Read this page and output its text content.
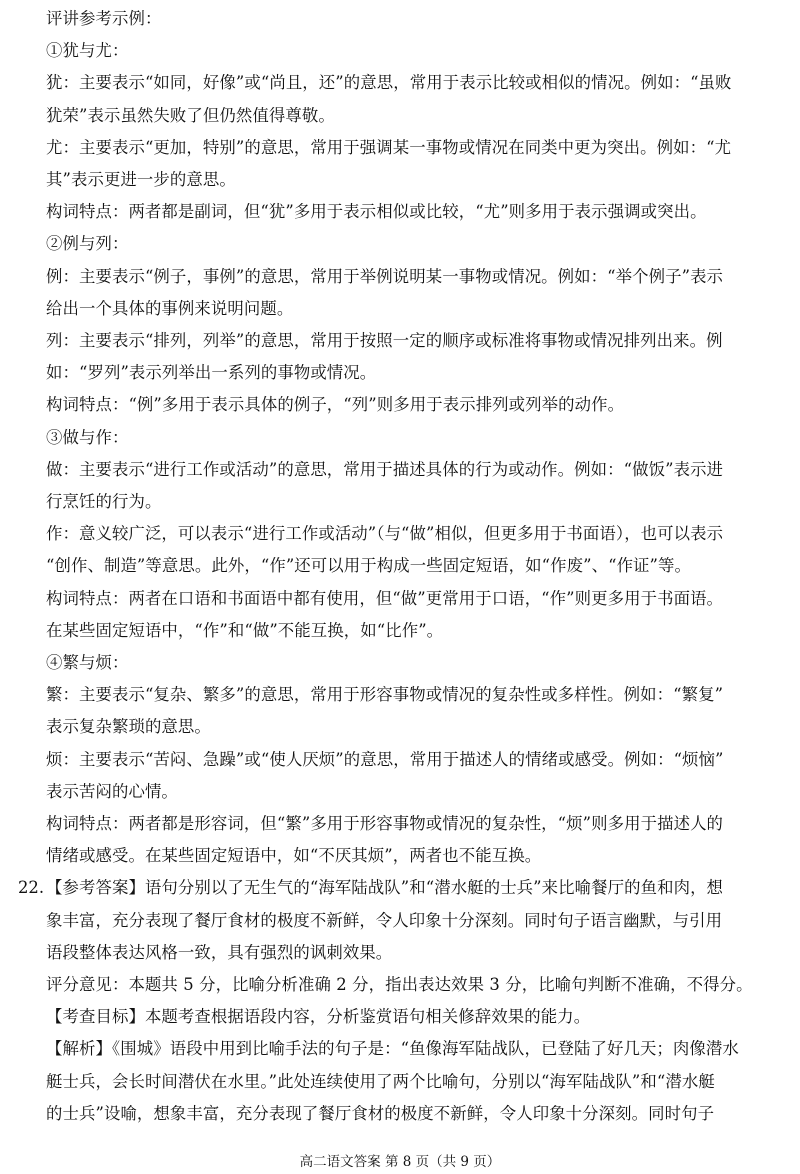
评讲参考示例：
①犹与尤：
犹：主要表示“如同，好像”或“尚且，还”的意思，常用于表示比较或相似的情况。例如：“虽败
犹荣”表示虽然失败了但仍然值得尊敬。
尤：主要表示“更加，特别”的意思，常用于强调某一事物或情况在同类中更为突出。例如：“尤
其”表示更进一步的意思。
构词特点：两者都是副词，但“犹”多用于表示相似或比较，“尤”则多用于表示强调或突出。
②例与列：
例：主要表示“例子，事例”的意思，常用于举例说明某一事物或情况。例如：“举个例子”表示
给出一个具体的事例来说明问题。
列：主要表示“排列，列举”的意思，常用于按照一定的顺序或标准将事物或情况排列出来。例
如：“罗列”表示列举出一系列的事物或情况。
构词特点：“例”多用于表示具体的例子，“列”则多用于表示排列或列举的动作。
③做与作：
做：主要表示“进行工作或活动”的意思，常用于描述具体的行为或动作。例如：“做饭”表示进
行烹饪的行为。
作：意义较广泛，可以表示“进行工作或活动”（与“做”相似，但更多用于书面语），也可以表示
“创作、制造”等意思。此外，“作”还可以用于构成一些固定短语，如“作废”、“作证”等。
构词特点：两者在口语和书面语中都有使用，但“做”更常用于口语，“作”则更多用于书面语。
在某些固定短语中，“作”和“做”不能互换，如“比作”。
④繁与烦：
繁：主要表示“复杂、繁多”的意思，常用于形容事物或情况的复杂性或多样性。例如：“繁复”
表示复杂繁琐的意思。
烦：主要表示“苦闷、急躁”或“使人厌烦”的意思，常用于描述人的情绪或感受。例如：“烦恼”
表示苦闷的心情。
构词特点：两者都是形容词，但“繁”多用于形容事物或情况的复杂性，“烦”则多用于描述人的
情绪或感受。在某些固定短语中，如“不厌其烦”，两者也不能互换。
22. 【参考答案】语句分别以了无生气的“海军陆战队”和“潜水艇的士兵”来比喻餐厅的鱼和肉，想
象丰富，充分表现了餐厅食材的极度不新鲜，令人印象十分深刻。同时句子语言幽默，与引用
语段整体表达风格一致，具有强烈的讽刺效果。
评分意见：本题共 5 分，比喻分析准确 2 分，指出表达效果 3 分，比喻句判断不准确，不得分。
【考查目标】本题考查根据语段内容，分析鉴赏语句相关修辞效果的能力。
【解析】《围城》语段中用到比喻手法的句子是：“鱼像海军陆战队，已登陆了好几天；肉像潜水
艇士兵，会长时间潜伏在水里。”此处连续使用了两个比喻句，分别以“海军陆战队”和“潜水艇
的士兵”设喻，想象丰富，充分表现了餐厅食材的极度不新鲜，令人印象十分深刻。同时句子
高二语文答案 第 8 页（共 9 页）
